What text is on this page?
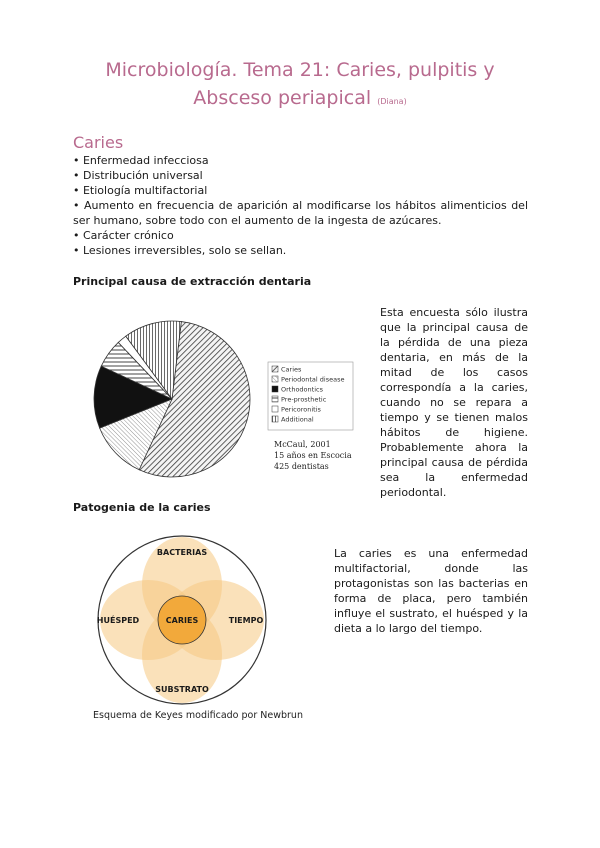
Microbiología. Tema 21: Caries, pulpitis y
Absceso periapical (Diana)
Caries

• Enfermedad infecciosa

• Distribución universal

• Etiología multifactorial

• Aumento en frecuencia de aparición al modificarse los hábitos alimenticios del ser humano, sobre todo con el aumento de la ingesta de azúcares.

• Carácter crónico

• Lesiones irreversibles, solo se sellan.

Principal causa de extracción dentaria
Caries
Periodontal disease
Orthodontics
Pre-prosthetic
Pericoronitis
Additional
McCaul, 2001
15 años en Escocia
425 dentistas
Esta encuesta sólo ilustra que la principal causa de la pérdida de una pieza dentaria, en más de la mitad de los casos correspondía a la caries, cuando no se repara a tiempo y se tienen malos hábitos de higiene. Probablemente ahora la principal causa de pérdida sea la enfermedad periodontal.
Patogenia de la caries
BACTERIAS
HUÉSPED	TIEMPO
SUBSTRATO
CARIES
Esquema de Keyes modificado por Newbrun
La caries es una enfermedad multifactorial, donde las protagonistas son las bacterias en forma de placa, pero también influye el sustrato, el huésped y la dieta a lo largo del tiempo.
